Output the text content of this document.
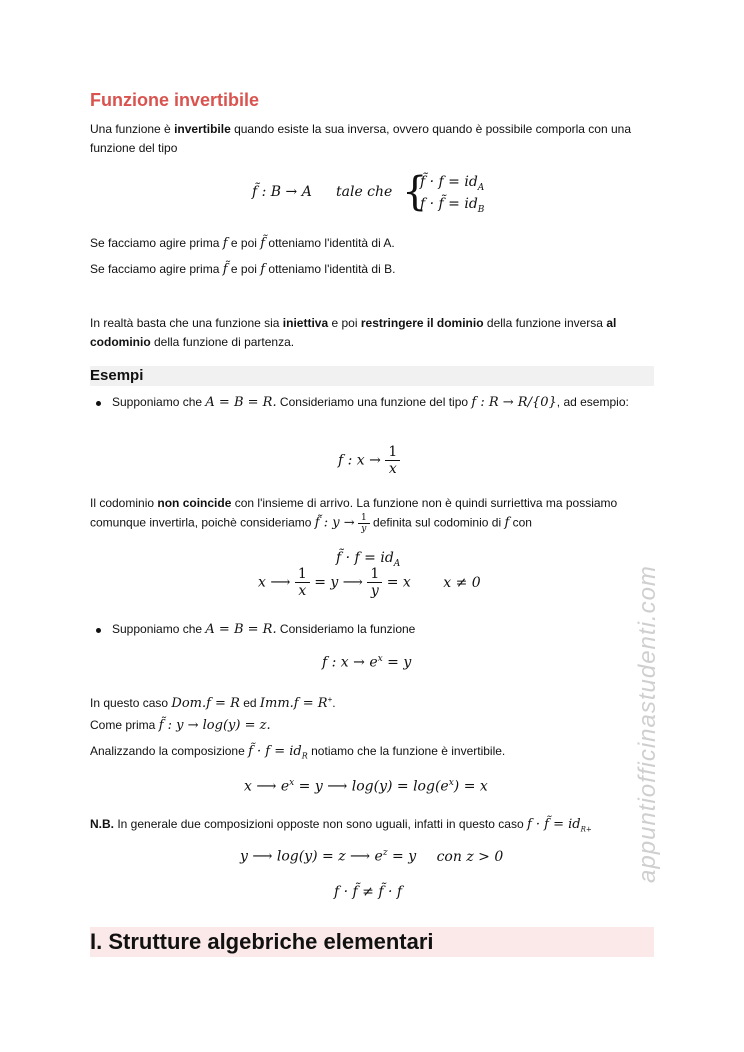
Funzione invertibile
Una funzione è invertibile quando esiste la sua inversa, ovvero quando è possibile comporla con una funzione del tipo
f̃ : B → A tale che {
f̃ · $f = id_A$
f · f̃ = $id_B$
Se facciamo agire prima f e poi f̃ otteniamo l'identità di A.
Se facciamo agire prima f̃ e poi f otteniamo l'identità di B.
In realtà basta che una funzione sia iniettiva e poi restringere il dominio della funzione inversa al codominio della funzione di partenza.
Esempi
Supponiamo che A = B = R. Consideriamo una funzione del tipo f : R → R/{0}, ad esempio:
f : $x \to \frac{1}{x}$
Il codominio non coincide con l'insieme di arrivo. La funzione non è quindi surriettiva ma possiamo comunque invertirla, poichè consideriamo f̃ : $y \to \frac{1}{y}$ definita sul codominio di f con
f̃ · $f = id_A$
x ⟶ $\frac{1}{x} = y$ ⟶ $\frac{1}{y} = x$ x ≠ 0
Supponiamo che A = B = R. Consideriamo la funzione
f : $x \to e^x = y$
In questo caso Dom.f = R ed Imm.f = R+.
Come prima f̃ : y → log(y) = z.
Analizzando la composizione f̃ · $f = id_R$ notiamo che la funzione è invertibile.
x ⟶ $e^x = y$ ⟶ $\log(y) = \log(e^x) = x$
N.B. In generale due composizioni opposte non sono uguali, infatti in questo caso f · f̃ = $id_{R+}$
y ⟶ log(y) = z ⟶ $e^z = y$ con z > 0
f · f̃ ≠ f̃ · f
I. Strutture algebriche elementari
appuntiofficinastudenti.com
